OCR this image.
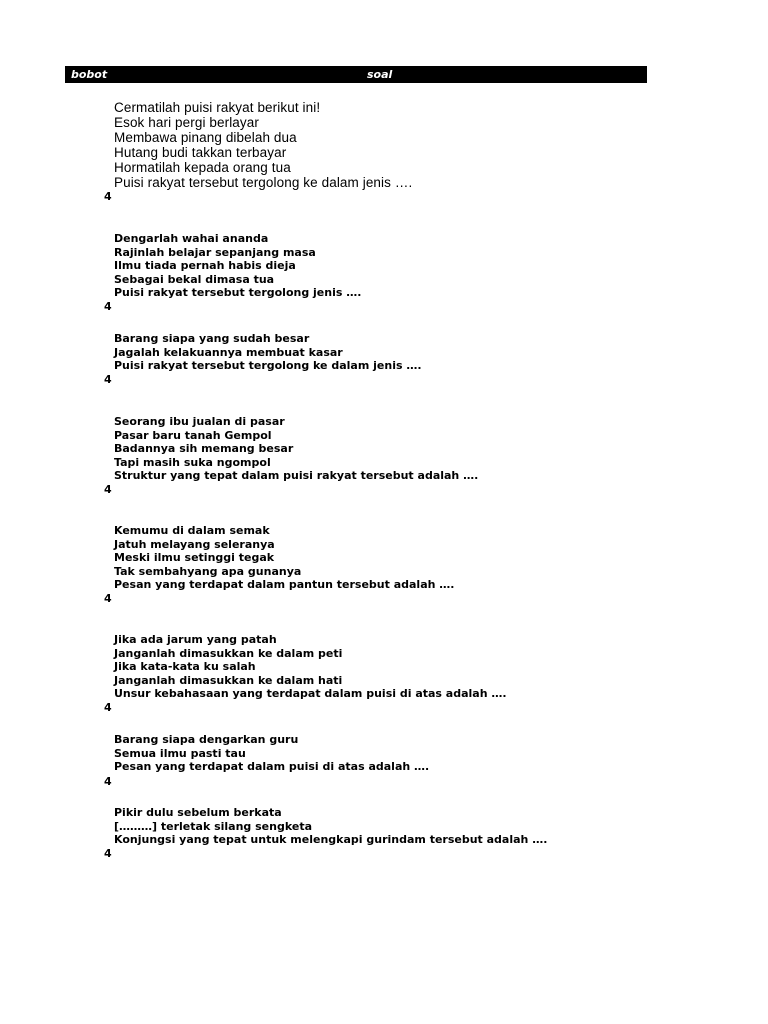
bobot	soal
Cermatilah puisi rakyat berikut ini!
Esok hari pergi berlayar
Membawa pinang dibelah dua
Hutang budi takkan terbayar
Hormatilah kepada orang tua
Puisi rakyat tersebut tergolong ke dalam jenis ….
4
Dengarlah wahai ananda
Rajinlah belajar sepanjang masa
Ilmu tiada pernah habis dieja
Sebagai bekal dimasa tua
Puisi rakyat tersebut tergolong jenis ….
4
Barang siapa yang sudah besar
Jagalah kelakuannya membuat kasar
Puisi rakyat tersebut tergolong ke dalam jenis ….
4
Seorang ibu jualan di pasar
Pasar baru tanah Gempol
Badannya sih memang besar
Tapi masih suka ngompol
Struktur yang tepat dalam puisi rakyat tersebut adalah ….
4
Kemumu di dalam semak
Jatuh melayang seleranya
Meski ilmu setinggi tegak
Tak sembahyang apa gunanya
Pesan yang terdapat dalam pantun tersebut adalah ….
4
Jika ada jarum yang patah
Janganlah dimasukkan ke dalam peti
Jika kata-kata ku salah
Janganlah dimasukkan ke dalam hati
Unsur kebahasaan yang terdapat dalam puisi di atas adalah ….
4
Barang siapa dengarkan guru
Semua ilmu pasti tau
Pesan yang terdapat dalam puisi di atas adalah ….
4
Pikir dulu sebelum berkata
[………] terletak silang sengketa
Konjungsi yang tepat untuk melengkapi gurindam tersebut adalah ….
4
